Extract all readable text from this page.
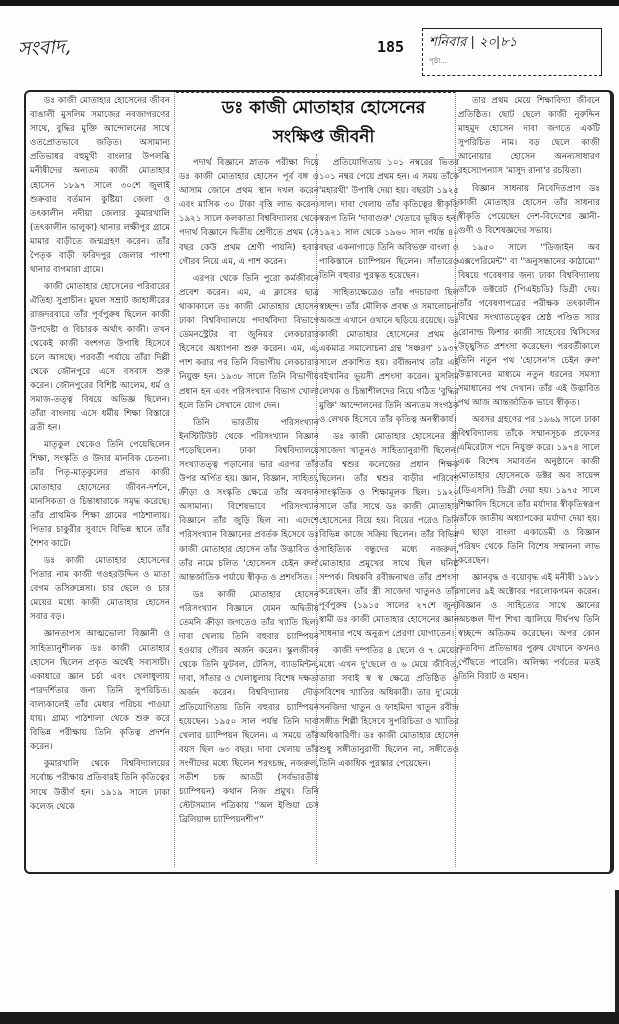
সংবাদ,	185 শনিবার | ২০|৮১
পৃষ্ঠা...
ডঃ কাজী মোতাহার হোসেনের
সংক্ষিপ্ত জীবনী

ডঃ কাজী মোতাহার হোসেনের জীবন বাঙালী মুসলিম সমাজের নবজাগরণের সাথে, বুদ্ধির মুক্তি আন্দোলনের সাথে ওতপ্রোতভাবে জড়িত। অসামান্য প্রতিভাধর বহুমুখী বাংলার উপলব্ধি মনীষীদের অন্যতম কাজী মোতাহার হোসেন ১৮৯৭ সালে ৩০শে জুলাই শুক্রবার বর্তমান কুষ্টিয়া জেলা ও তৎকালীন নদীয়া জেলার কুমারখালি (তৎকালীন ভালুকা) থানার লক্ষীপুর গ্রামে মামার বাড়ীতে জন্মগ্রহণ করেন। তাঁর পৈতৃক বাড়ী ফরিদপুর জেলার পাংশা থানার বাগমারা গ্রামে।

কাজী মোতাহার হোসেনের পরিবারের ঐতিহ্য সুপ্রাচীন। মুঘল সম্রাট জাহাঙ্গীরের রাজদরবারে তাঁর পূর্বপুরুষ ছিলেন কাজী উপদেষ্টা ও বিচারক অর্থাৎ কাজী। তখন থেকেই কাজী বংশগত উপাধি হিসেবে চলে আসছে। পরবর্তী পর্যায়ে তাঁরা দিল্লী থেকে জৌনপুরে এসে বসবাস শুরু করেন। জৌনপুরের বিশিষ্ট আলেম, ধর্ম ও সমাজ-তত্ত্ব বিষয়ে অভিজ্ঞ ছিলেন। তাঁরা বাংলায় এসে ধর্মীয় শিক্ষা বিস্তারে ব্রতী হন।

মাতৃকুল থেকেও তিনি পেয়েছিলেন শিক্ষা, সংস্কৃতি ও উদার মানবিক চেতনা। তাঁর পিতৃ-মাতৃকুলের প্রভাব কাজী মোতাহার হোসেনের জীবন-দর্শনে, মানসিকতা ও চিন্তাধারাকে সমৃদ্ধ করেছে। তাঁর প্রাথমিক শিক্ষা গ্রামের পাঠশালায়। পিতার চাকুরীর সুবাদে বিভিন্ন স্থানে তাঁর শৈশব কাটে।

ডঃ কাজী মোতাহার হোসেনের পিতার নাম কাজী গওহরউদ্দিন ও মাতা বেগম তসিরুন্নেসা। চার ছেলে ও চার মেয়ের মধ্যে কাজী মোতাহার হোসেন সবার বড়।

জ্ঞানতাপস আত্মভোলা বিজ্ঞানী ও সাহিত্যানুশীলক ডঃ কাজী মোতাহার হোসেন ছিলেন প্রকৃত অর্থেই সব্যসাচী। একাধারে জ্ঞান চর্চা এবং খেলাধুলায় পারদর্শিতার জন্য তিনি সুপরিচিত। বাল্যকালেই তাঁর মেধার পরিচয় পাওয়া যায়। গ্রাম্য পাঠশালা থেকে শুরু করে বিভিন্ন পরীক্ষায় তিনি কৃতিত্ব প্রদর্শন করেন।

কুমারখালি থেকে বিশ্ববিদ্যালয়ের সর্বোচ্চ পরীক্ষায় প্রতিবারই তিনি কৃতিত্বের সাথে উত্তীর্ণ হন। ১৯১৯ সালে ঢাকা কলেজ থেকে

পদার্থ বিজ্ঞানে স্নাতক পরীক্ষা দিয়ে ডঃ কাজী মোতাহার হোসেন পূর্ব বঙ্গ ও আসাম জোনে প্রথম স্থান দখল করেন এবং মাসিক ৩০ টাকা বৃত্তি লাভ করেন। ১৯২১ সালে কলকাতা বিশ্ববিদ্যালয় থেকে পদার্থ বিজ্ঞানে দ্বিতীয় শ্রেণীতে প্রথম (সে বছর কেউ প্রথম শ্রেণী পায়নি) হবার গৌরব নিয়ে এম, এ পাশ করেন।

এরপর থেকে তিনি পুরো কর্মজীবনে প্রবেশ করেন। এম, এ ক্লাসের ছাত্র থাকাকালে ডঃ কাজী মোতাহার হোসেন ঢাকা বিশ্ববিদ্যালয়ে পদার্থবিদ্যা বিভাগে ডেমনস্ট্রেটর বা জুনিয়র লেকচারার হিসেবে অধ্যাপনা শুরু করেন। এম, এ, পাশ করার পর তিনি বিভাগীয় লেকচারার নিযুক্ত হন। ১৯৩৮ সালে তিনি বিভাগীয় প্রধান হন এবং পরিসংখ্যান বিভাগ খোলা হলে তিনি সেখানে যোগ দেন।

তিনি ভারতীয় পরিসংখ্যান ইনস্টিটিউট থেকে পরিসংখ্যান বিজ্ঞান পড়েছিলেন। ঢাকা বিশ্ববিদ্যালয়ে সংখ্যাতত্ত্ব পড়ানোর ভার এরপর তাঁর উপর অর্পিত হয়। জ্ঞান, বিজ্ঞান, সাহিত্য, ক্রীড়া ও সংস্কৃতি ক্ষেত্রে তাঁর অবদান অসামান্য। বিশেষভাবে পরিসংখ্যান বিজ্ঞানে তাঁর জুড়ি ছিল না। এদেশে পরিসংখ্যান বিজ্ঞানের প্রবর্তক হিসেবে ডঃ কাজী মোতাহার হোসেন তাঁর উদ্ভাবিত ও তাঁর নামে চলিত 'হোসেনস চেইন রুল' আন্তর্জাতিক পর্যায়ে স্বীকৃত ও প্রশংসিত।

ডঃ কাজী মোতাহার হোসেন পরিসংখ্যান বিজ্ঞানে যেমন অদ্বিতীয় তেমনি ক্রীড়া জগতেও তাঁর খ্যাতি ছিল। দাবা খেলায় তিনি বহুবার চ্যাম্পিয়ন হওয়ার গৌরব অর্জন করেন। স্কুলজীবন থেকে তিনি ফুটবল, টেনিস, ব্যাডমিন্টন, দাবা, সাঁতার ও খেলাধুলায় বিশেষ দক্ষতা অর্জন করেন। বিশ্ববিদ্যালয় দৌড় প্রতিযোগিতায় তিনি বহুবার চ্যাম্পিয়ন হয়েছেন। ১৯৫০ সাল পর্যন্ত তিনি দাবা খেলার চ্যাম্পিয়ন ছিলেন। এ সময়ে তাঁর বয়স ছিল ৬৩ বছর। দাবা খেলায় তাঁর সংগীদের মধ্যে ছিলেন শরৎচন্দ্র, নজরুল, সতীশ চন্দ্র আড্ডী (সর্বভারতীয় চ্যাম্পিয়ন) কথান নিজ প্রমুখ। তিনি স্টেটসম্যান পত্রিকায় ''অল ইণ্ডিয়া চেস ব্রিলিয়ান্স চ্যাম্পিয়নশীপ''

প্রতিযোগিতায় ১০১ নম্বরের ভিতর ১০১ নম্বর পেয়ে প্রথম হন। এ সময় তাঁকে 'মহারথী' উপাধি দেয়া হয়। বছরটা ১৯২৫ সাল। দাবা খেলায় তাঁর কৃতিত্বের স্বীকৃতি স্বরূপ তিনি 'দাবাগুরু' খেতাবে ভূষিত হন। ১৯২১ সাল থেকে ১৯৬০ সাল পর্যন্ত ৪০ বছর একনাগাড়ে তিনি অবিভক্ত বাংলা ও পাকিস্তানে চ্যাম্পিয়ন ছিলেন। সাঁতারেও তিনি বহুবার পুরস্কৃত হয়েছেন।

সাহিত্যক্ষেত্রেও তাঁর পদচারণা ছিল স্বচ্ছন্দ। তাঁর মৌলিক প্রবন্ধ ও সমালোচনা অজস্র এখানে ওখানে ছড়িয়ে রয়েছে। ডঃ কাজী মোতাহার হোসেনের প্রথম ও একমাত্র সমালোচনা গ্রন্থ 'সঞ্চরণ' ১৯৩৭ সালে প্রকাশিত হয়। রবীন্দ্রনাথ তাঁর এই বইখানির ভূয়সী প্রশংসা করেন। মুসলিম লেখক ও চিন্তাশীলদের নিয়ে গঠিত 'বুদ্ধির মুক্তি' আন্দোলনের তিনি অন্যতম সংগঠক ও লেখক হিসেবে তাঁর কৃতিত্ব অনস্বীকার্য।

ডঃ কাজী মোতাহার হোসেনের স্ত্রী সাজেদা খাতুনও সাহিত্যানুরাগী ছিলেন। তাঁর শ্বশুর কলেজের প্রধান শিক্ষক ছিলেন। তাঁর শ্বশুর বাড়ীর পরিবেশ সাংস্কৃতিক ও শিক্ষামূলক ছিল। ১৯২০ সালে তাঁর সাথে ডঃ কাজী মোতাহার হোসেনের বিয়ে হয়। বিয়ের পরেও তিনি বিভিন্ন কাজে সক্রিয় ছিলেন। তাঁর বিভিন্ন সাহিত্যিক বন্ধুদের মধ্যে নজরুল, মোতাহার প্রমুখের সাথে ছিল ঘনিষ্ঠ সম্পর্ক। বিশ্বকবি রবীন্দ্রনাথও তাঁর প্রশংসা করেছেন। তাঁর স্ত্রী সাজেদা খাতুনও তাঁর পূর্বপুরুষ (১৯১৫ সালের ২৭শে জুন) স্বামী ডঃ কাজী মোতাহার হোসেনের জ্ঞান সাধনার পথে অনুরূপ প্রেরণা যোগাতেন।

কাজী দম্পতির ৪ ছেলে ও ৭ মেয়ের মধ্যে এখন দু'ছেলে ও ৬ মেয়ে জীবিত, তারা সবাই স্ব স্ব ক্ষেত্রে প্রতিষ্ঠিত ও সবিশেষ খ্যাতির অধিকারী। তার দু'মেয়ে সনজিদা খাতুন ও ফাহমিদা খাতুন রবীন্দ্র সঙ্গীত শিল্পী হিসেবে সুপরিচিতা ও খ্যাতির অধিকারিণী। ডঃ কাজী মোতাহার হোসেন শুধু সঙ্গীতানুরাগী ছিলেন না, সঙ্গীতেও তিনি একাধিক পুরস্কার পেয়েছেন।

তার প্রথম মেয়ে শিক্ষাবিদ্যা জীবনে প্রতিষ্ঠিত। ছোট ছেলে কাজী নুরুদ্দিন মাহমুদ হোসেন দাবা জগতে একটি সুপরিচিত নাম। বড় ছেলে কাজী আনোয়ার হোসেন অনন্যসাধারণ রহস্যোপন্যাস 'মাসুদ রানা'র রচয়িতা।

বিজ্ঞান সাধনায় নিবেদিতপ্রাণ ডঃ কাজী মোতাহার হোসেন তাঁর সাধনার স্বীকৃতি পেয়েছেন দেশ-বিদেশের জ্ঞানী-গুণী ও বিশেষজ্ঞদের সভায়।

১৯৫০ সালে ''ডিজাইন অব এক্সপেরিমেন্ট'' বা ''অনুসন্ধানের কাঠামো'' বিষয়ে গবেষণার জন্য ঢাকা বিশ্ববিদ্যালয় তাঁকে ডক্টরেট (পিএইচডি) ডিগ্রী দেয়। তাঁর গবেষণাপত্রের পরীক্ষক তৎকালীন বিশ্বের সংখ্যাতত্ত্বের শ্রেষ্ঠ পণ্ডিত স্যার রোনাল্ড ফিশার কাজী সাহেবের থিসিসের উচ্ছ্বসিত প্রশংসা করেছেন। পরবর্তীকালে তিনি নতুন পথ 'হোসেন'স চেইন রুল' উদ্ভাবনের মাধ্যমে নতুন ধরনের সমস্যা সমাধানের পথ দেখান। তাঁর এই উদ্ভাবিত পথ আজ আন্তর্জাতিক ভাবে স্বীকৃত।

অবসর গ্রহণের পর ১৯৬৯ সালে ঢাকা বিশ্ববিদ্যালয় তাঁকে সম্মানসূচক প্রফেসর এমিরেটাস পদে নিযুক্ত করে। ১৯৭৪ সালে এক বিশেষ সমাবর্তন অনুষ্ঠানে কাজী মোতাহার হোসেনকে ডক্টর অব সায়েন্স (ডিএসসি) ডিগ্রী দেয়া হয়। ১৯৭৫ সালে শিক্ষাবিদ হিসেবে তাঁর মর্যাদার স্বীকৃতিস্বরূপ তাঁকে জাতীয় অধ্যাপকের মর্যাদা দেয়া হয়। এ ছাড়া বাংলা একাডেমী ও বিজ্ঞান পরিষদ থেকে তিনি বিশেষ সম্মাননা লাভ করেছেন।

জ্ঞানবৃদ্ধ ও বয়োবৃদ্ধ এই মনীষী ১৯৮১ সালের ৯ই অক্টোবর পরলোকগমন করেন। বিজ্ঞান ও সাহিত্যের সাথে জ্ঞানের অচঞ্চল দীপ শিখা জ্বালিয়ে দীর্ঘপথ তিনি স্বচ্ছন্দে অতিক্রম করেছেন। অপর কোন কৃতবিদ্য প্রতিভাধর পুরুষ যেখানে কখনও পৌঁছতে পারেনি। অলিক্ষ্য পর্বতের মতই তিনি বিরাট ও মহান।
